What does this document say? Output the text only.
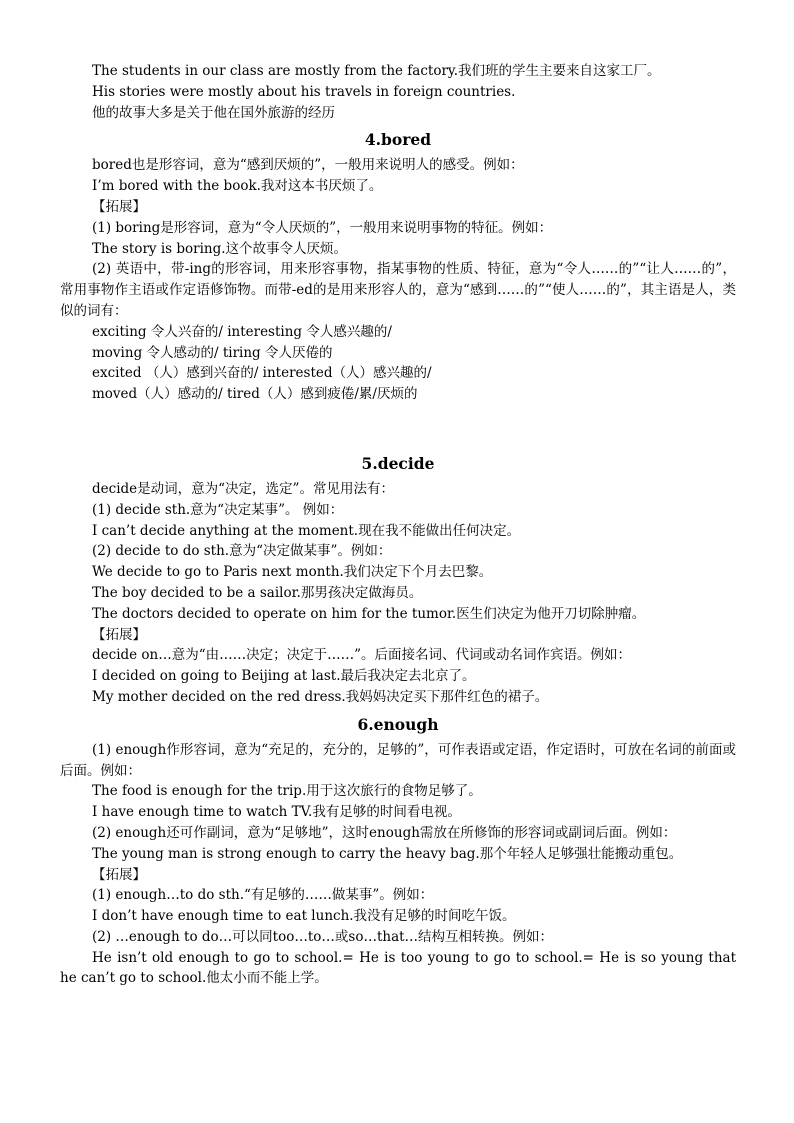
The students in our class are mostly from the factory.我们班的学生主要来自这家工厂。
His stories were mostly about his travels in foreign countries.
他的故事大多是关于他在国外旅游的经历
4.bored
bored也是形容词，意为“感到厌烦的”，一般用来说明人的感受。例如：
I’m bored with the book.我对这本书厌烦了。
【拓展】
(1) boring是形容词，意为“令人厌烦的”，一般用来说明事物的特征。例如：
The story is boring.这个故事令人厌烦。
(2) 英语中，带-ing的形容词，用来形容事物，指某事物的性质、特征，意为“令人……的”“让人……的”，常用事物作主语或作定语修饰物。而带-ed的是用来形容人的，意为“感到……的”“使人……的”，其主语是人，类似的词有：
exciting 令人兴奋的/ interesting 令人感兴趣的/
moving 令人感动的/ tiring 令人厌倦的
excited （人）感到兴奋的/ interested（人）感兴趣的/
moved（人）感动的/ tired（人）感到疲倦/累/厌烦的
5.decide
decide是动词，意为“决定，选定”。常见用法有：
(1) decide sth.意为“决定某事”。 例如：
I can’t decide anything at the moment.现在我不能做出任何决定。
(2) decide to do sth.意为“决定做某事”。例如：
We decide to go to Paris next month.我们决定下个月去巴黎。
The boy decided to be a sailor.那男孩决定做海员。
The doctors decided to operate on him for the tumor.医生们决定为他开刀切除肿瘤。
【拓展】
decide on…意为“由……决定；决定于……”。后面接名词、代词或动名词作宾语。例如：
I decided on going to Beijing at last.最后我决定去北京了。
My mother decided on the red dress.我妈妈决定买下那件红色的裙子。
6.enough
(1) enough作形容词，意为“充足的，充分的，足够的”，可作表语或定语，作定语时，可放在名词的前面或后面。例如：
The food is enough for the trip.用于这次旅行的食物足够了。
I have enough time to watch TV.我有足够的时间看电视。
(2) enough还可作副词，意为“足够地”，这时enough需放在所修饰的形容词或副词后面。例如：
The young man is strong enough to carry the heavy bag.那个年轻人足够强壮能搬动重包。
【拓展】
(1) enough…to do sth.“有足够的……做某事”。例如：
I don’t have enough time to eat lunch.我没有足够的时间吃午饭。
(2) …enough to do…可以同too…to…或so…that…结构互相转换。例如：
He isn’t old enough to go to school.= He is too young to go to school.= He is so young that he can’t go to school.他太小而不能上学。
